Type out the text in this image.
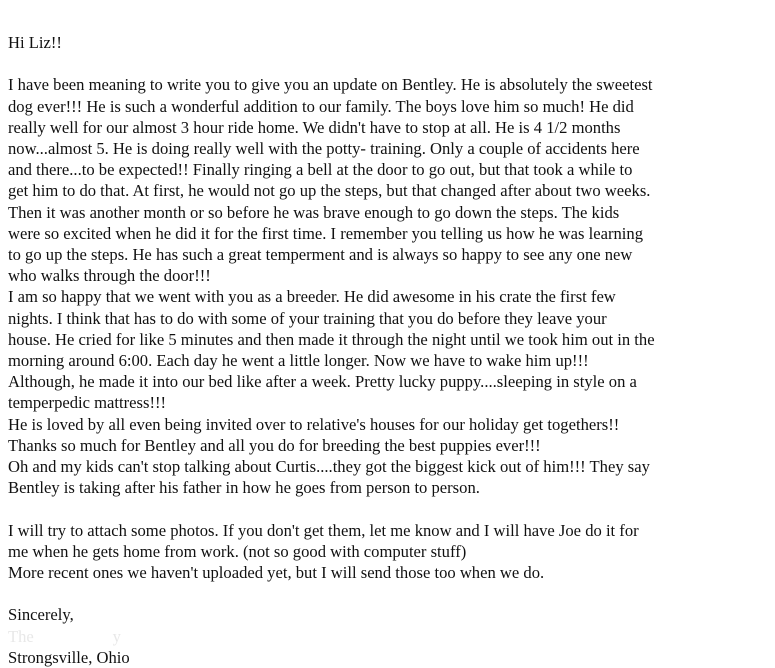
Hi Liz!!
I have been meaning to write you to give you an update on Bentley. He is absolutely the sweetest
dog ever!!! He is such a wonderful addition to our family. The boys love him so much! He did
really well for our almost 3 hour ride home. We didn't have to stop at all. He is 4 1/2 months
now...almost 5. He is doing really well with the potty- training. Only a couple of accidents here
and there...to be expected!! Finally ringing a bell at the door to go out, but that took a while to
get him to do that. At first, he would not go up the steps, but that changed after about two weeks.
Then it was another month or so before he was brave enough to go down the steps. The kids
were so excited when he did it for the first time. I remember you telling us how he was learning
to go up the steps. He has such a great temperment and is always so happy to see any one new
who walks through the door!!!
I am so happy that we went with you as a breeder. He did awesome in his crate the first few
nights. I think that has to do with some of your training that you do before they leave your
house. He cried for like 5 minutes and then made it through the night until we took him out in the
morning around 6:00. Each day he went a little longer. Now we have to wake him up!!!
Although, he made it into our bed like after a week. Pretty lucky puppy....sleeping in style on a
temperpedic mattress!!!
He is loved by all even being invited over to relative's houses for our holiday get togethers!!
Thanks so much for Bentley and all you do for breeding the best puppies ever!!!
Oh and my kids can't stop talking about Curtis....they got the biggest kick out of him!!! They say
Bentley is taking after his father in how he goes from person to person.
I will try to attach some photos. If you don't get them, let me know and I will have Joe do it for
me when he gets home from work. (not so good with computer stuff)
More recent ones we haven't uploaded yet, but I will send those too when we do.
Sincerely,
The                   y
Strongsville, Ohio
